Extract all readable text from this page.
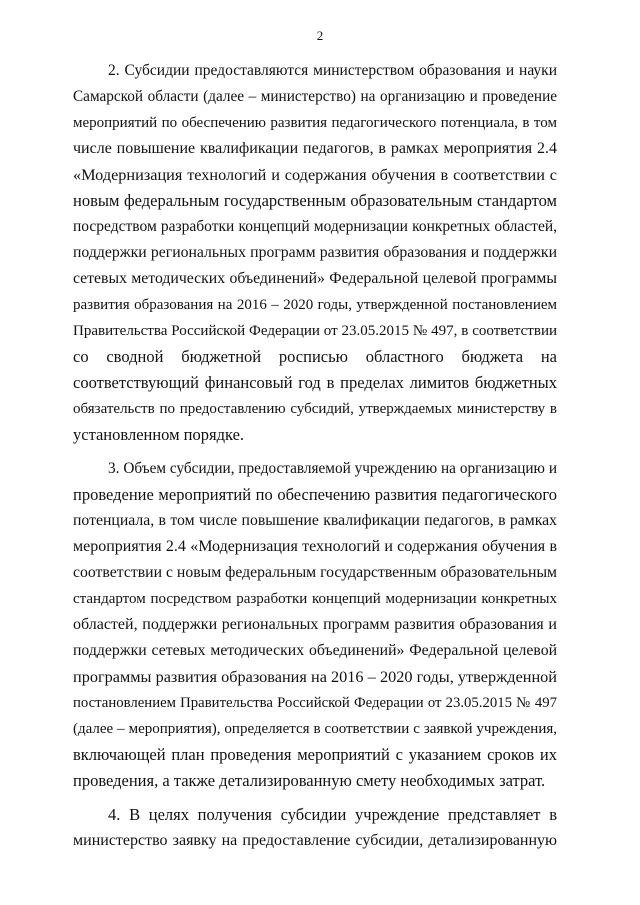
2
2. Субсидии предоставляются министерством образования и науки
Самарской области (далее – министерство) на организацию и проведение
мероприятий по обеспечению развития педагогического потенциала, в том
числе повышение квалификации педагогов, в рамках мероприятия 2.4
«Модернизация технологий и содержания обучения в соответствии с
новым федеральным государственным образовательным стандартом
посредством разработки концепций модернизации конкретных областей,
поддержки региональных программ развития образования и поддержки
сетевых методических объединений» Федеральной целевой программы
развития образования на 2016 – 2020 годы, утвержденной постановлением
Правительства Российской Федерации от 23.05.2015 № 497, в соответствии
со сводной бюджетной росписью областного бюджета на
соответствующий финансовый год в пределах лимитов бюджетных
обязательств по предоставлению субсидий, утверждаемых министерству в
установленном порядке.
3. Объем субсидии, предоставляемой учреждению на организацию и
проведение мероприятий по обеспечению развития педагогического
потенциала, в том числе повышение квалификации педагогов, в рамках
мероприятия 2.4 «Модернизация технологий и содержания обучения в
соответствии с новым федеральным государственным образовательным
стандартом посредством разработки концепций модернизации конкретных
областей, поддержки региональных программ развития образования и
поддержки сетевых методических объединений» Федеральной целевой
программы развития образования на 2016 – 2020 годы, утвержденной
постановлением Правительства Российской Федерации от 23.05.2015 № 497
(далее – мероприятия), определяется в соответствии с заявкой учреждения,
включающей план проведения мероприятий с указанием сроков их
проведения, а также детализированную смету необходимых затрат.
4. В целях получения субсидии учреждение представляет в
министерство заявку на предоставление субсидии, детализированную
